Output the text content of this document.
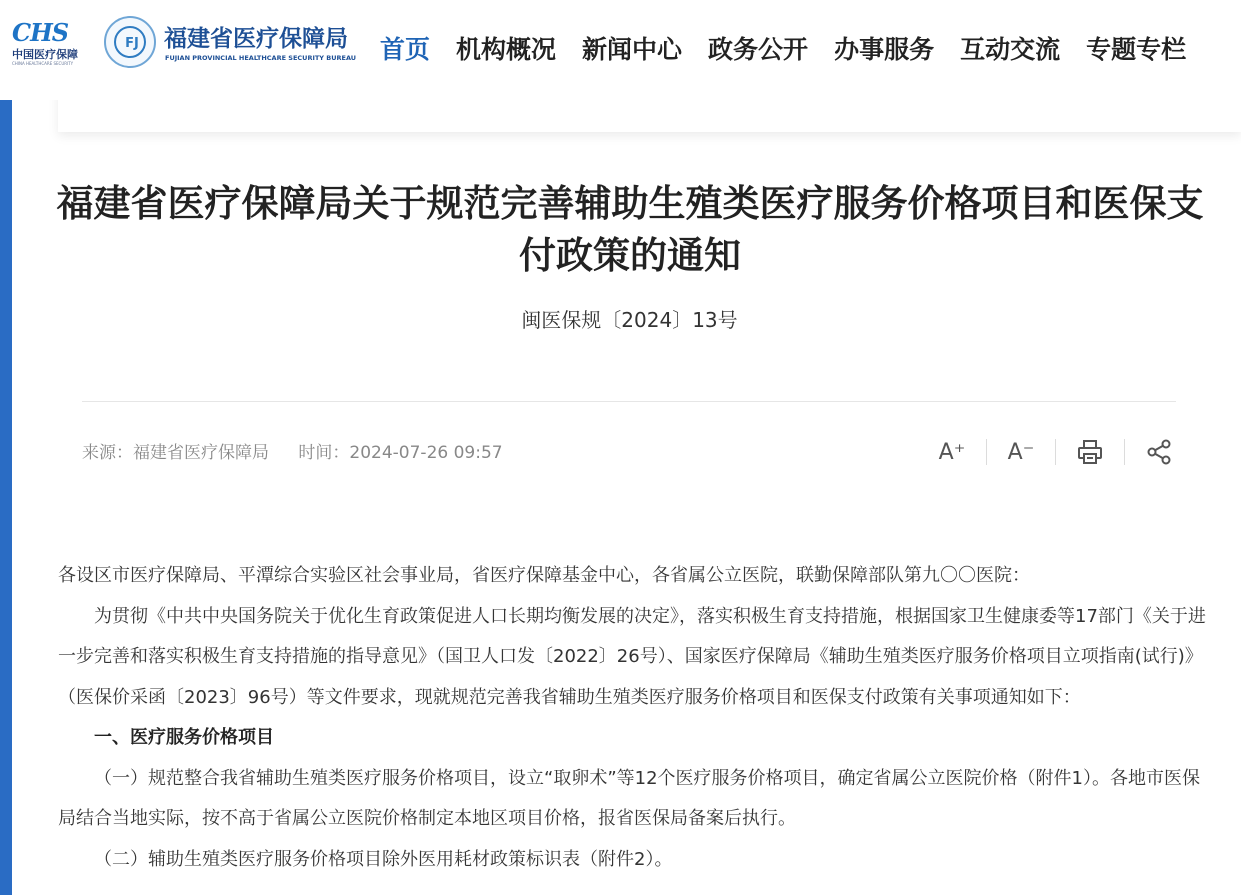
CHS
中国医疗保障
CHINA HEALTHCARE SECURITY
FJ	福建省医疗保障局
FUJIAN PROVINCIAL HEALTHCARE SECURITY BUREAU 首页 机构概况 新闻中心 政务公开 办事服务 互动交流 专题专栏
福建省医疗保障局关于规范完善辅助生殖类医疗服务价格项目和医保支付政策的通知
闽医保规〔2024〕13号
来源：福建省医疗保障局 时间：2024-07-26 09:57	A⁺ A⁻

各设区市医疗保障局、平潭综合实验区社会事业局，省医疗保障基金中心，各省属公立医院，联勤保障部队第九〇〇医院：

为贯彻《中共中央国务院关于优化生育政策促进人口长期均衡发展的决定》，落实积极生育支持措施，根据国家卫生健康委等17部门《关于进一步完善和落实积极生育支持措施的指导意见》（国卫人口发〔2022〕26号）、国家医疗保障局《辅助生殖类医疗服务价格项目立项指南(试行)》（医保价采函〔2023〕96号）等文件要求，现就规范完善我省辅助生殖类医疗服务价格项目和医保支付政策有关事项通知如下：

一、医疗服务价格项目

（一）规范整合我省辅助生殖类医疗服务价格项目，设立“取卵术”等12个医疗服务价格项目，确定省属公立医院价格（附件1）。各地市医保局结合当地实际，按不高于省属公立医院价格制定本地区项目价格，报省医保局备案后执行。

（二）辅助生殖类医疗服务价格项目除外医用耗材政策标识表（附件2）。
